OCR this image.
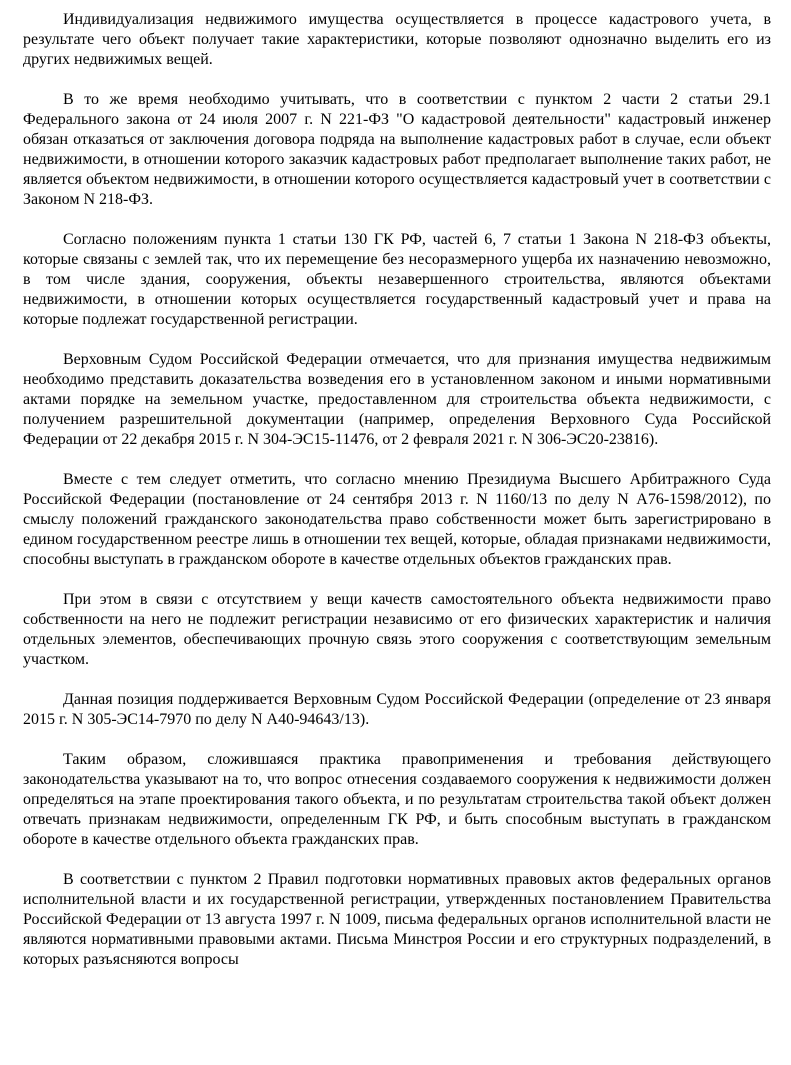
Индивидуализация недвижимого имущества осуществляется в процессе кадастрового учета, в результате чего объект получает такие характеристики, которые позволяют однозначно выделить его из других недвижимых вещей.

В то же время необходимо учитывать, что в соответствии с пунктом 2 части 2 статьи 29.1 Федерального закона от 24 июля 2007 г. N 221-ФЗ "О кадастровой деятельности" кадастровый инженер обязан отказаться от заключения договора подряда на выполнение кадастровых работ в случае, если объект недвижимости, в отношении которого заказчик кадастровых работ предполагает выполнение таких работ, не является объектом недвижимости, в отношении которого осуществляется кадастровый учет в соответствии с Законом N 218-ФЗ.

Согласно положениям пункта 1 статьи 130 ГК РФ, частей 6, 7 статьи 1 Закона N 218-ФЗ объекты, которые связаны с землей так, что их перемещение без несоразмерного ущерба их назначению невозможно, в том числе здания, сооружения, объекты незавершенного строительства, являются объектами недвижимости, в отношении которых осуществляется государственный кадастровый учет и права на которые подлежат государственной регистрации.

Верховным Судом Российской Федерации отмечается, что для признания имущества недвижимым необходимо представить доказательства возведения его в установленном законом и иными нормативными актами порядке на земельном участке, предоставленном для строительства объекта недвижимости, с получением разрешительной документации (например, определения Верховного Суда Российской Федерации от 22 декабря 2015 г. N 304-ЭС15-11476, от 2 февраля 2021 г. N 306-ЭС20-23816).

Вместе с тем следует отметить, что согласно мнению Президиума Высшего Арбитражного Суда Российской Федерации (постановление от 24 сентября 2013 г. N 1160/13 по делу N А76-1598/2012), по смыслу положений гражданского законодательства право собственности может быть зарегистрировано в едином государственном реестре лишь в отношении тех вещей, которые, обладая признаками недвижимости, способны выступать в гражданском обороте в качестве отдельных объектов гражданских прав.

При этом в связи с отсутствием у вещи качеств самостоятельного объекта недвижимости право собственности на него не подлежит регистрации независимо от его физических характеристик и наличия отдельных элементов, обеспечивающих прочную связь этого сооружения с соответствующим земельным участком.

Данная позиция поддерживается Верховным Судом Российской Федерации (определение от 23 января 2015 г. N 305-ЭС14-7970 по делу N А40-94643/13).

Таким образом, сложившаяся практика правоприменения и требования действующего законодательства указывают на то, что вопрос отнесения создаваемого сооружения к недвижимости должен определяться на этапе проектирования такого объекта, и по результатам строительства такой объект должен отвечать признакам недвижимости, определенным ГК РФ, и быть способным выступать в гражданском обороте в качестве отдельного объекта гражданских прав.

В соответствии с пунктом 2 Правил подготовки нормативных правовых актов федеральных органов исполнительной власти и их государственной регистрации, утвержденных постановлением Правительства Российской Федерации от 13 августа 1997 г. N 1009, письма федеральных органов исполнительной власти не являются нормативными правовыми актами. Письма Минстроя России и его структурных подразделений, в которых разъясняются вопросы
